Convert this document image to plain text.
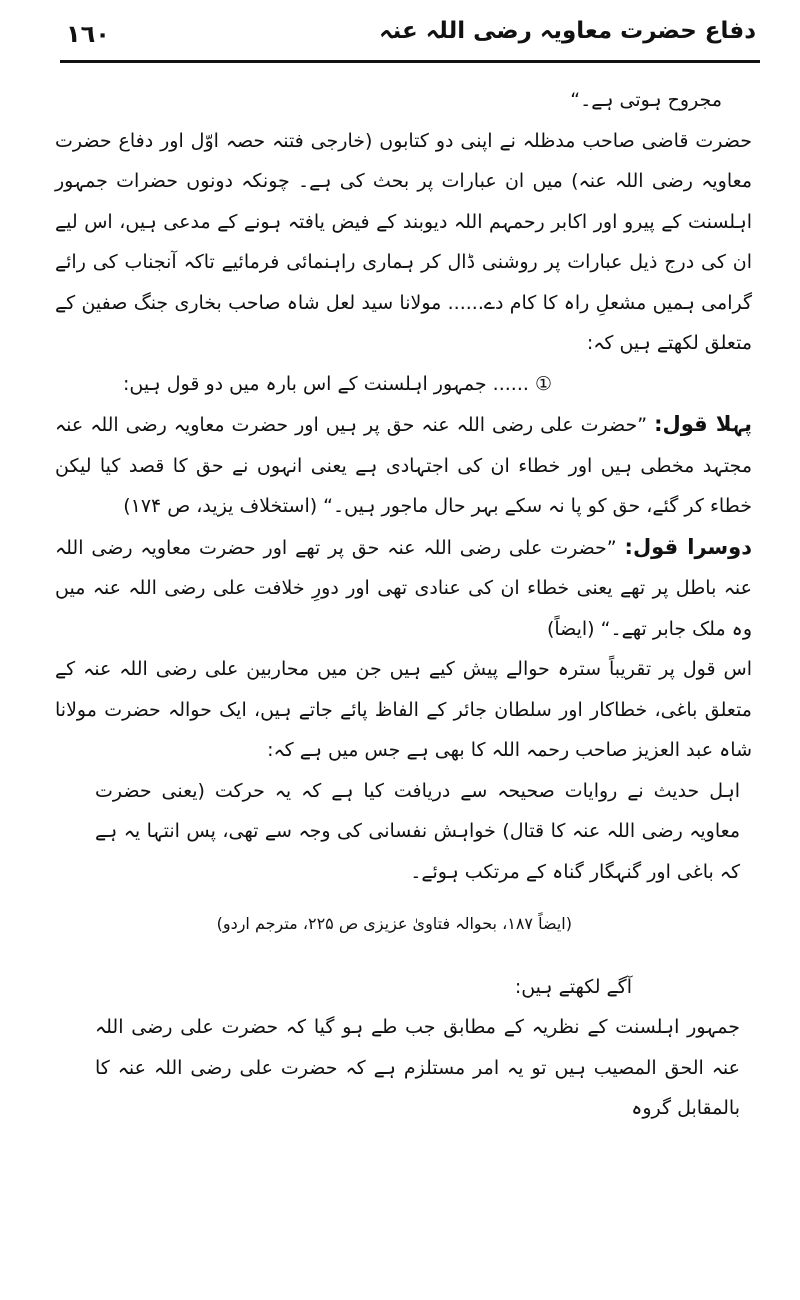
١٦٠	دفاع حضرت معاویہ رضی اللہ عنہ

مجروح ہوتی ہے۔“

حضرت قاضی صاحب مدظلہ نے اپنی دو کتابوں (خارجی فتنہ حصہ اوّل اور دفاع حضرت معاویہ رضی اللہ عنہ) میں ان عبارات پر بحث کی ہے۔ چونکہ دونوں حضرات جمہور اہلسنت کے پیرو اور اکابر رحمہم اللہ دیوبند کے فیض یافتہ ہونے کے مدعی ہیں، اس لیے ان کی درج ذیل عبارات پر روشنی ڈال کر ہماری راہنمائی فرمائیے تاکہ آنجناب کی رائے گرامی ہمیں مشعلِ راہ کا کام دے...... مولانا سید لعل شاہ صاحب بخاری جنگ صفین کے متعلق لکھتے ہیں کہ:

① ...... جمہور اہلسنت کے اس بارہ میں دو قول ہیں:

پہلا قول: ”حضرت علی رضی اللہ عنہ حق پر ہیں اور حضرت معاویہ رضی اللہ عنہ مجتہد مخطی ہیں اور خطاء ان کی اجتہادی ہے یعنی انہوں نے حق کا قصد کیا لیکن خطاء کر گئے، حق کو پا نہ سکے بہر حال ماجور ہیں۔“ (استخلاف یزید، ص ۱۷۴)

دوسرا قول: ”حضرت علی رضی اللہ عنہ حق پر تھے اور حضرت معاویہ رضی اللہ عنہ باطل پر تھے یعنی خطاء ان کی عنادی تھی اور دورِ خلافت علی رضی اللہ عنہ میں وہ ملک جابر تھے۔“ (ایضاً)

اس قول پر تقریباً سترہ حوالے پیش کیے ہیں جن میں محاربین علی رضی اللہ عنہ کے متعلق باغی، خطاکار اور سلطان جائر کے الفاظ پائے جاتے ہیں، ایک حوالہ حضرت مولانا شاہ عبد العزیز صاحب رحمہ اللہ کا بھی ہے جس میں ہے کہ:

اہل حدیث نے روایات صحیحہ سے دریافت کیا ہے کہ یہ حرکت (یعنی حضرت معاویہ رضی اللہ عنہ کا قتال) خواہش نفسانی کی وجہ سے تھی، پس انتہا یہ ہے کہ باغی اور گنہگار گناہ کے مرتکب ہوئے۔

(ایضاً ۱۸۷، بحوالہ فتاویٰ عزیزی ص ۲۲۵، مترجم اردو)

آگے لکھتے ہیں:

جمہور اہلسنت کے نظریہ کے مطابق جب طے ہو گیا کہ حضرت علی رضی اللہ عنہ الحق المصیب ہیں تو یہ امر مستلزم ہے کہ حضرت علی رضی اللہ عنہ کا بالمقابل گروہ
